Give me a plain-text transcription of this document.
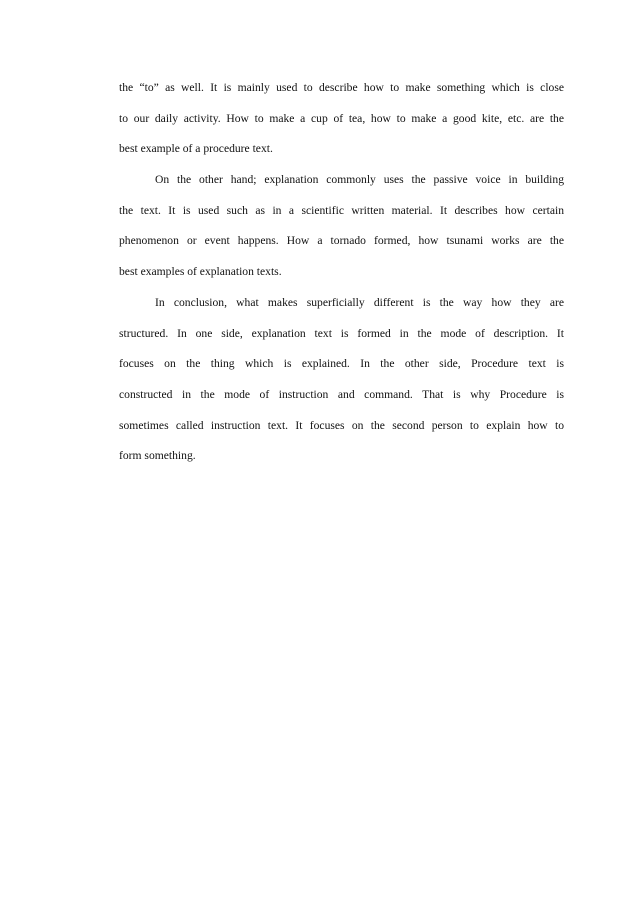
the “to” as well. It is mainly used to describe how to make something which is close
to our daily activity. How to make a cup of tea, how to make a good kite, etc. are the
best example of a procedure text.
On the other hand; explanation commonly uses the passive voice in building
the text. It is used such as in a scientific written material. It describes how certain
phenomenon or event happens. How a tornado formed, how tsunami works are the
best examples of explanation texts.
In conclusion, what makes superficially different is the way how they are
structured. In one side, explanation text is formed in the mode of description. It
focuses on the thing which is explained. In the other side, Procedure text is
constructed in the mode of instruction and command. That is why Procedure is
sometimes called instruction text. It focuses on the second person to explain how to
form something.
